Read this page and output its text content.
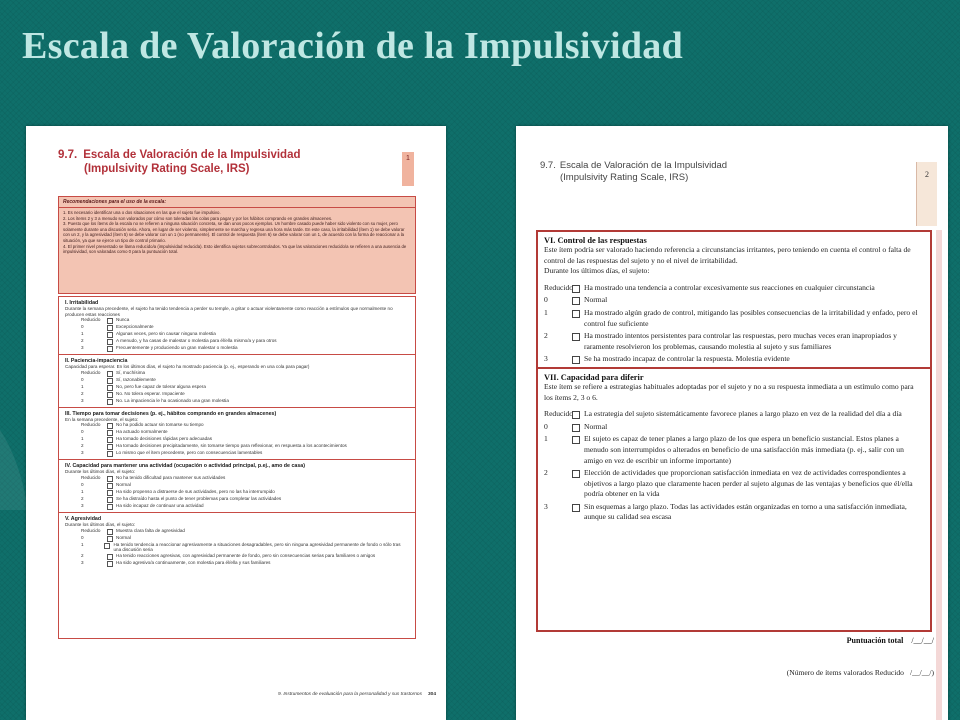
Escala de Valoración de la Impulsividad
9.7. Escala de Valoración de la Impulsividad
(Impulsivity Rating Scale, IRS)
1
Recomendaciones para el uso de la escala:
1. Es necesario identificar una o dos situaciones en las que el sujeto fue impulsivo.
2. Los ítems 2 y 3 a menudo son valorados por cómo son toleradas las colas para pagar y por los hábitos comprando en grandes almacenes.
3. Puesto que los ítems de la escala no se refieren a ninguna situación concreta, se dan unos pocos ejemplos. Un hombre casado puede haber sido violento con su mujer, pero solamente durante una discusión seria. Ahora, en lugar de ser violento, simplemente se marcha y regresa una hora más tarde. En este caso, la irritabilidad (ítem 1) se debe valorar con un 2, y la agresividad (ítem 5) se debe valorar con un 1 (no permanente). El control de respuesta (ítem 6) se debe valorar con un 1, de acuerdo con la forma de reaccionar a la situación, ya que se ejerce un tipo de control primario.
4. El primer nivel presentado se llama reducido/a (impulsividad reducida). Esto identifica sujetos sobrecontrolados. Ya que las valoraciones reducido/a se refieren a una ausencia de impulsividad, son valoradas como 0 para la puntuación total.
I. Irritabilidad
Durante la semana precedente, el sujeto ha tenido tendencia a perder su temple, a gritar o actuar violentamente como reacción a estímulos que normalmente no producen estas reacciones
Reducido	Nunca
0	Excepcionalmente
1	Algunas veces, pero sin causar ninguna molestia
2	A menudo, y ha casas de malestar o molestia para él/ella mismo/a y para otros
3	Frecuentemente y produciendo un gran malestar o molestia
II. Paciencia-impaciencia
Capacidad para esperar. En los últimos días, el sujeto ha mostrado paciencia (p. ej., esperando en una cola para pagar)
Reducido	Sí, muchísima
0	Sí, razonablemente
1	No, pero fue capaz de tolerar alguna espera
2	No. No tolera esperar. Impaciente
3	No. La impaciencia le ha ocasionado una gran molestia
III. Tiempo para tomar decisiones (p. ej., hábitos comprando en grandes almacenes)
En la semana precedente, el sujeto:
Reducido	No ha podido actuar sin tomarse su tiempo
0	Ha actuado normalmente
1	Ha tomado decisiones rápidas pero adecuadas
2	Ha tomado decisiones precipitadamente, sin tomarse tiempo para reflexionar, en respuesta a los acontecimientos
3	Lo mismo que el ítem precedente, pero con consecuencias lamentables
IV. Capacidad para mantener una actividad (ocupación o actividad principal, p.ej., amo de casa)
Durante los últimos días, el sujeto:
Reducido	No ha tenido dificultad para mantener sus actividades
0	Normal
1	Ha sido propenso a distraerse de sus actividades, pero no las ha interrumpido
2	Se ha distraído hasta el punto de tener problemas para completar las actividades
3	Ha sido incapaz de continuar una actividad
V. Agresividad
Durante los últimos días, el sujeto:
Reducido	Muestra clara falta de agresividad
0	Normal
1	Ha tenido tendencia a reaccionar agresivamente a situaciones desagradables, pero sin ninguna agresividad permanente de fondo o sólo tras una discusión seria
2	Ha tenido reacciones agresivas, con agresividad permanente de fondo, pero sin consecuencias serias para familiares o amigos
3	Ha sido agresivo/a continuamente, con molestia para él/ella y sus familiares
9. Instrumentos de evaluación para la personalidad y sus trastornos 304
9.7. Escala de Valoración de la Impulsividad
(Impulsivity Rating Scale, IRS)	2
VI. Control de las respuestas

Este ítem podría ser valorado haciendo referencia a circunstancias irritantes, pero teniendo en cuenta el control o falta de control de las respuestas del sujeto y no el nivel de irritabilidad.

Durante los últimos días, el sujeto:

Reducido Ha mostrado una tendencia a controlar excesivamente sus reacciones en cualquier circunstancia
0	Normal
1	Ha mostrado algún grado de control, mitigando las posibles consecuencias de la irritabilidad y enfado, pero el control fue suficiente
2	Ha mostrado intentos persistentes para controlar las respuestas, pero muchas veces eran inapropiados y raramente resolvieron los problemas, causando molestia al sujeto y sus familiares
3	Se ha mostrado incapaz de controlar la respuesta. Molestia evidente
VII. Capacidad para diferir

Este ítem se refiere a estrategias habituales adoptadas por el sujeto y no a su respuesta inmediata a un estímulo como para los ítems 2, 3 o 6.

Reducido La estrategia del sujeto sistemáticamente favorece planes a largo plazo en vez de la realidad del día a día
0	Normal
1	El sujeto es capaz de tener planes a largo plazo de los que espera un beneficio sustancial. Estos planes a menudo son interrumpidos o alterados en beneficio de una satisfacción más inmediata (p. ej., salir con un amigo en vez de escribir un informe importante)
2	Elección de actividades que proporcionan satisfacción inmediata en vez de actividades correspondientes a objetivos a largo plazo que claramente hacen perder al sujeto algunas de las ventajas y beneficios que él/ella podría obtener en la vida
3	Sin esquemas a largo plazo. Todas las actividades están organizadas en torno a una satisfacción inmediata, aunque su calidad sea escasa
Puntuación total /__/__/
(Número de ítems valorados Reducido /__/__/)
